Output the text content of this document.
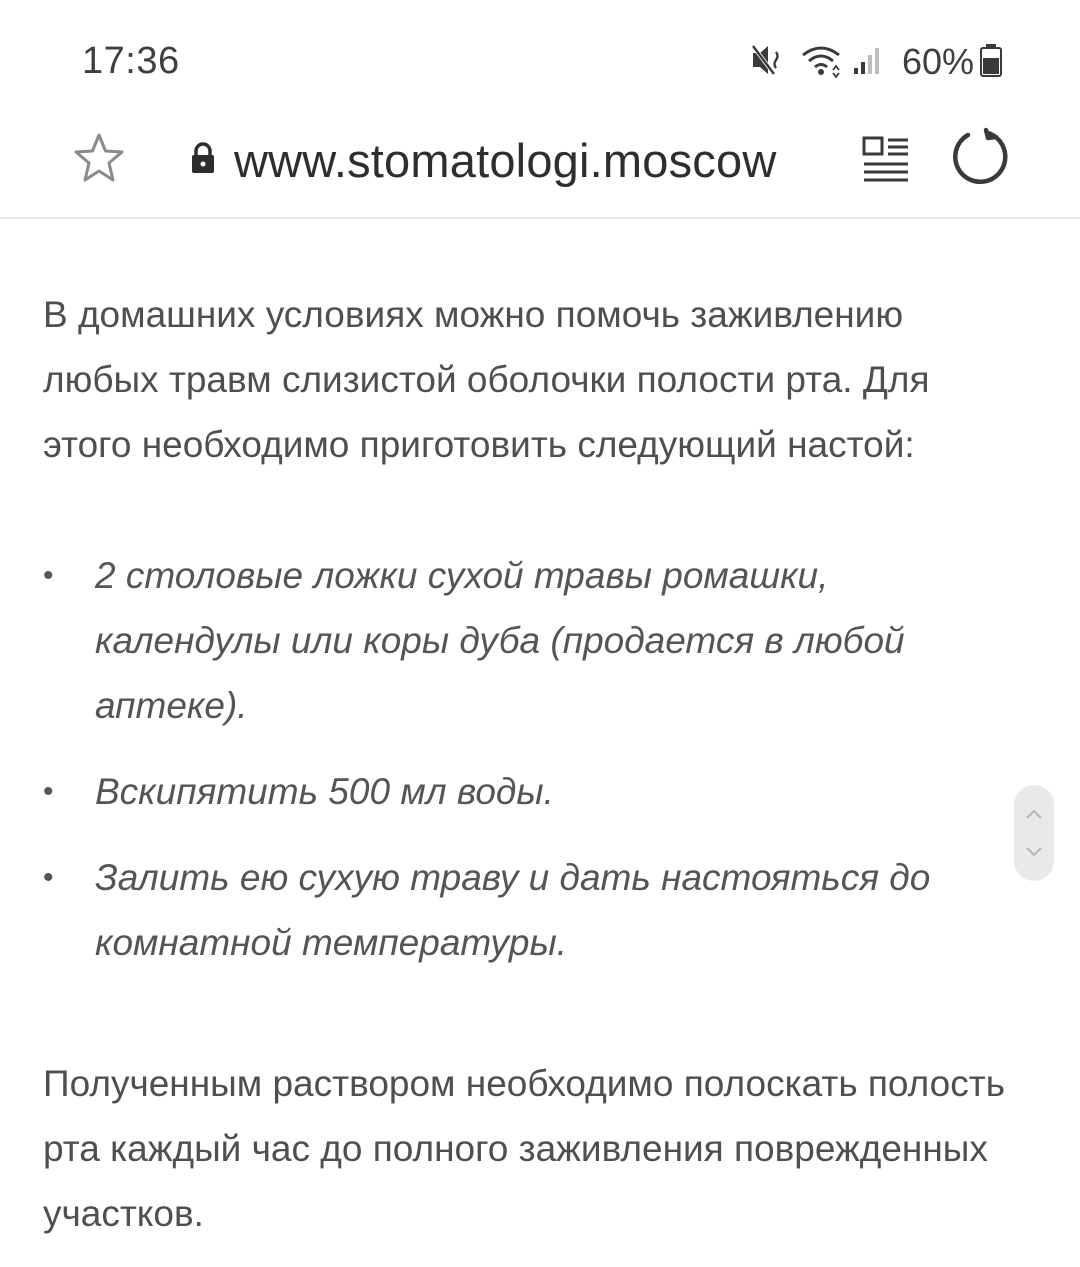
17:36	60%
www.stomatologi.moscow

В домашних условиях можно помочь заживлению любых травм слизистой оболочки полости рта. Для этого необходимо приготовить следующий настой:

• 2 столовые ложки сухой травы ромашки, календулы или коры дуба (продается в любой аптеке).
• Вскипятить 500 мл воды.
• Залить ею сухую траву и дать настояться до комнатной температуры.

Полученным раствором необходимо полоскать полость рта каждый час до полного заживления поврежденных участков.
